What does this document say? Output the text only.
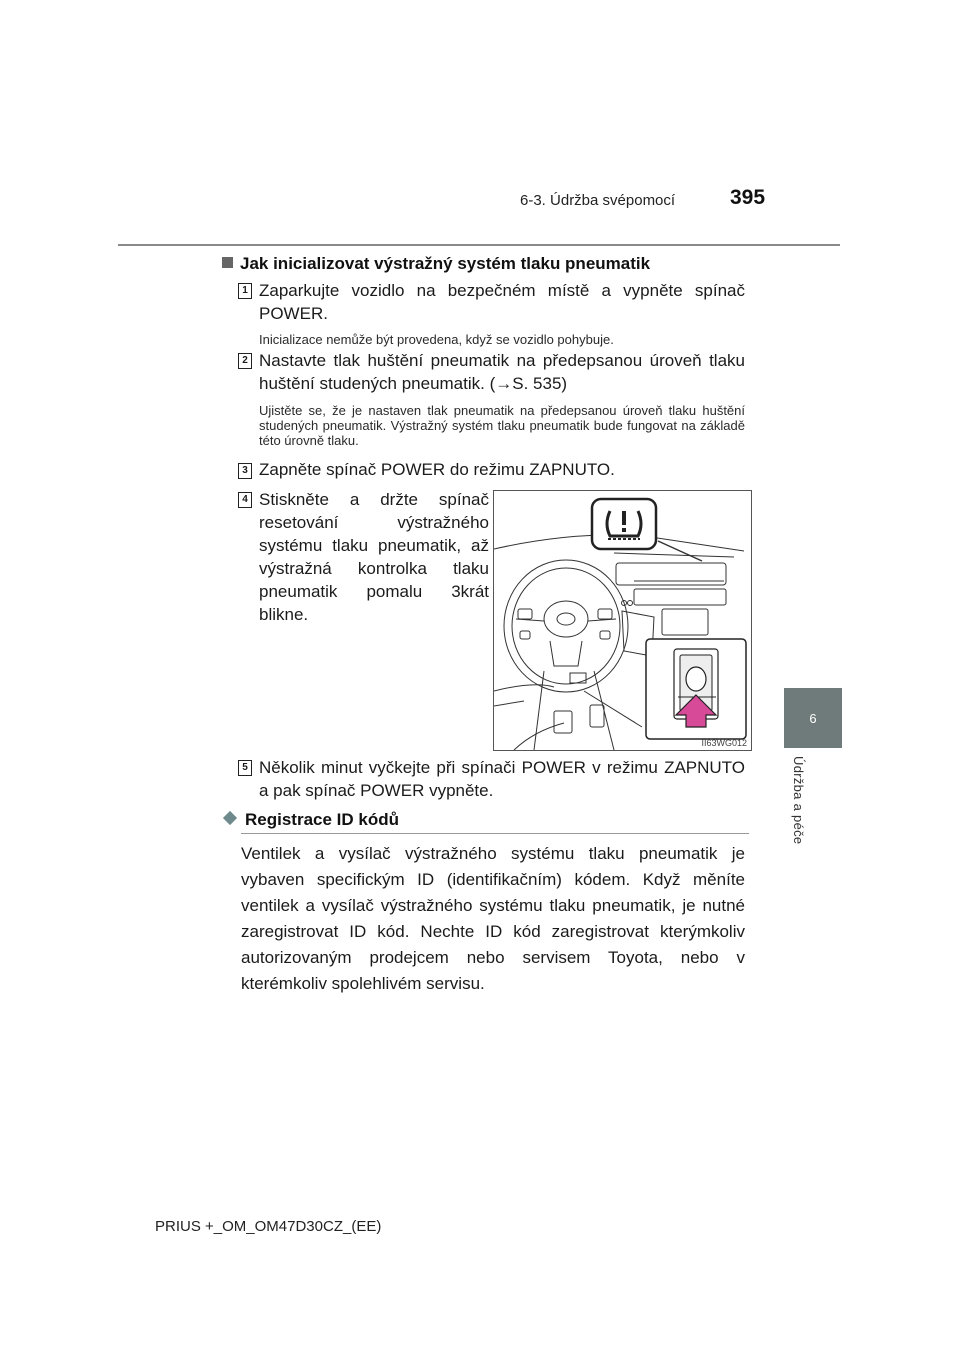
6-3. Údržba svépomocí	395
6
Údržba a péče
Jak inicializovat výstražný systém tlaku pneumatik
1 Zaparkujte vozidlo na bezpečném místě a vypněte spínač POWER.
Inicializace nemůže být provedena, když se vozidlo pohybuje.
2 Nastavte tlak huštění pneumatik na předepsanou úroveň tlaku huštění studených pneumatik. (→S. 535)
Ujistěte se, že je nastaven tlak pneumatik na předepsanou úroveň tlaku huštění studených pneumatik. Výstražný systém tlaku pneumatik bude fungovat na základě této úrovně tlaku.
3 Zapněte spínač POWER do režimu ZAPNUTO.
4 Stiskněte a držte spínač resetování výstražného systému tlaku pneumatik, až výstražná kontrolka tlaku pneumatik pomalu 3krát blikne.
II63WG012
5 Několik minut vyčkejte při spínači POWER v režimu ZAPNUTO a pak spínač POWER vypněte.
Registrace ID kódů
Ventilek a vysílač výstražného systému tlaku pneumatik je vybaven specifickým ID (identifikačním) kódem. Když měníte ventilek a vysílač výstražného systému tlaku pneumatik, je nutné zaregistrovat ID kód. Nechte ID kód zaregistrovat kterýmkoliv autorizovaným prodejcem nebo servisem Toyota, nebo v kterémkoliv spolehlivém servisu.
PRIUS +_OM_OM47D30CZ_(EE)
